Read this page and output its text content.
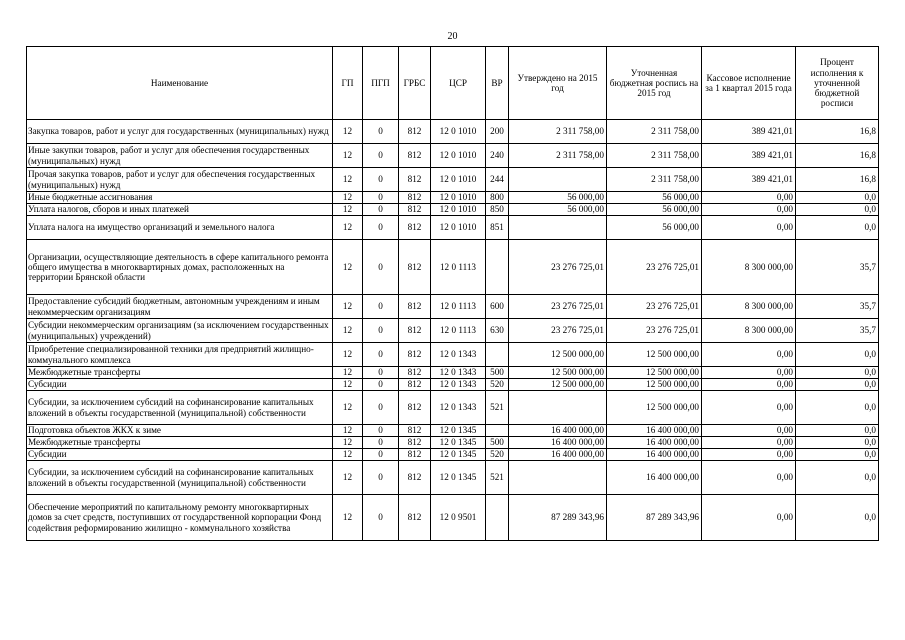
20
Наименование	ГП	ПГП	ГРБС	ЦСР	ВР	Утверждено на 2015 год	Уточненная бюджетная роспись на 2015 год	Кассовое исполнение за 1 квартал 2015 года	Процент исполнения к уточненной бюджетной росписи
Закупка товаров, работ и услуг для государственных (муниципальных) нужд	12	0	812	12 0 1010	200	2 311 758,00	2 311 758,00	389 421,01	16,8
Иные закупки товаров, работ и услуг для обеспечения государственных (муниципальных) нужд	12	0	812	12 0 1010	240	2 311 758,00	2 311 758,00	389 421,01	16,8
Прочая закупка товаров, работ и услуг для обеспечения государственных (муниципальных) нужд	12	0	812	12 0 1010	244		2 311 758,00	389 421,01	16,8
Иные бюджетные ассигнования	12	0	812	12 0 1010	800	56 000,00	56 000,00	0,00	0,0
Уплата налогов, сборов и иных платежей	12	0	812	12 0 1010	850	56 000,00	56 000,00	0,00	0,0
Уплата налога на имущество организаций и земельного налога	12	0	812	12 0 1010	851		56 000,00	0,00	0,0
Организации, осуществляющие деятельность в сфере капитального ремонта общего имущества в многоквартирных домах, расположенных на территории Брянской области	12	0	812	12 0 1113		23 276 725,01	23 276 725,01	8 300 000,00	35,7
Предоставление субсидий бюджетным, автономным учреждениям и иным некоммерческим организациям	12	0	812	12 0 1113	600	23 276 725,01	23 276 725,01	8 300 000,00	35,7
Субсидии некоммерческим организациям (за исключением государственных (муниципальных) учреждений)	12	0	812	12 0 1113	630	23 276 725,01	23 276 725,01	8 300 000,00	35,7
Приобретение специализированной техники для предприятий жилищно-коммунального комплекса	12	0	812	12 0 1343		12 500 000,00	12 500 000,00	0,00	0,0
Межбюджетные трансферты	12	0	812	12 0 1343	500	12 500 000,00	12 500 000,00	0,00	0,0
Субсидии	12	0	812	12 0 1343	520	12 500 000,00	12 500 000,00	0,00	0,0
Субсидии, за исключением субсидий на софинансирование капитальных вложений в объекты государственной (муниципальной) собственности	12	0	812	12 0 1343	521		12 500 000,00	0,00	0,0
Подготовка объектов ЖКХ к зиме	12	0	812	12 0 1345		16 400 000,00	16 400 000,00	0,00	0,0
Межбюджетные трансферты	12	0	812	12 0 1345	500	16 400 000,00	16 400 000,00	0,00	0,0
Субсидии	12	0	812	12 0 1345	520	16 400 000,00	16 400 000,00	0,00	0,0
Субсидии, за исключением субсидий на софинансирование капитальных вложений в объекты государственной (муниципальной) собственности	12	0	812	12 0 1345	521		16 400 000,00	0,00	0,0
Обеспечение мероприятий по капитальному ремонту многоквартирных домов за счет средств, поступивших от государственной корпорации Фонд содействия реформированию жилищно - коммунального хозяйства	12	0	812	12 0 9501		87 289 343,96	87 289 343,96	0,00	0,0
